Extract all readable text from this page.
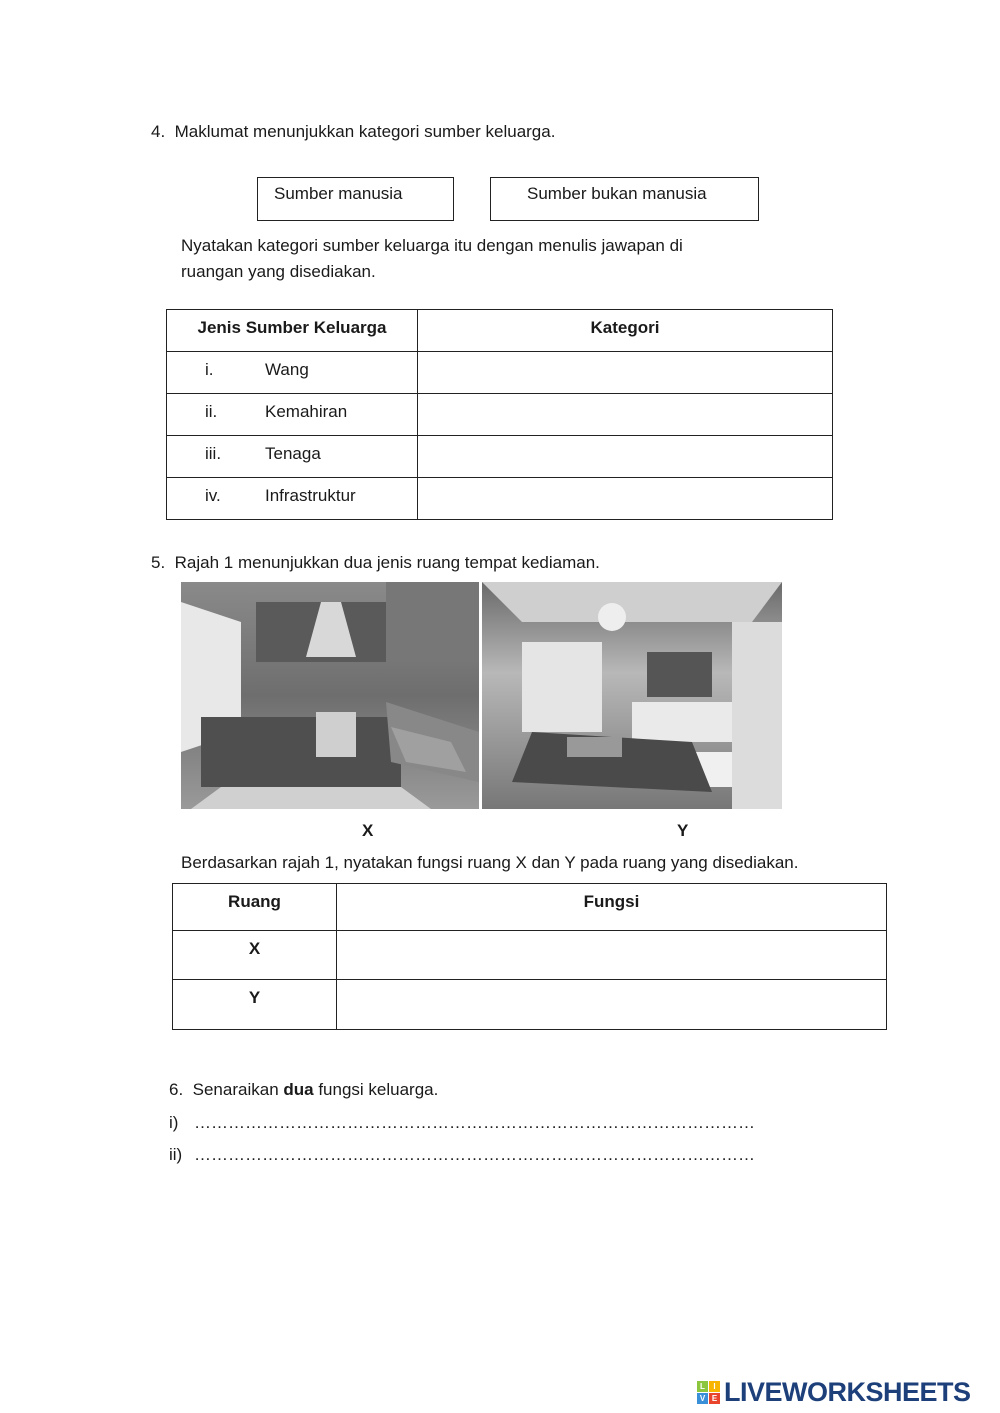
4. Maklumat menunjukkan kategori sumber keluarga.
Sumber manusia	Sumber bukan manusia
Nyatakan kategori sumber keluarga itu dengan menulis jawapan di
ruangan yang disediakan.
Jenis Sumber Keluarga	Kategori
i. Wang	
ii. Kemahiran	
iii. Tenaga	
iv. Infrastruktur	
5. Rajah 1 menunjukkan dua jenis ruang tempat kediaman.
X	Y
Berdasarkan rajah 1, nyatakan fungsi ruang X dan Y pada ruang yang disediakan.
Ruang	Fungsi
X	
Y	
6. Senaraikan dua fungsi keluarga.
i) ………………………………………………………………………………………
ii) ………………………………………………………………………………………
L	I
V E LIVEWORKSHEETS
